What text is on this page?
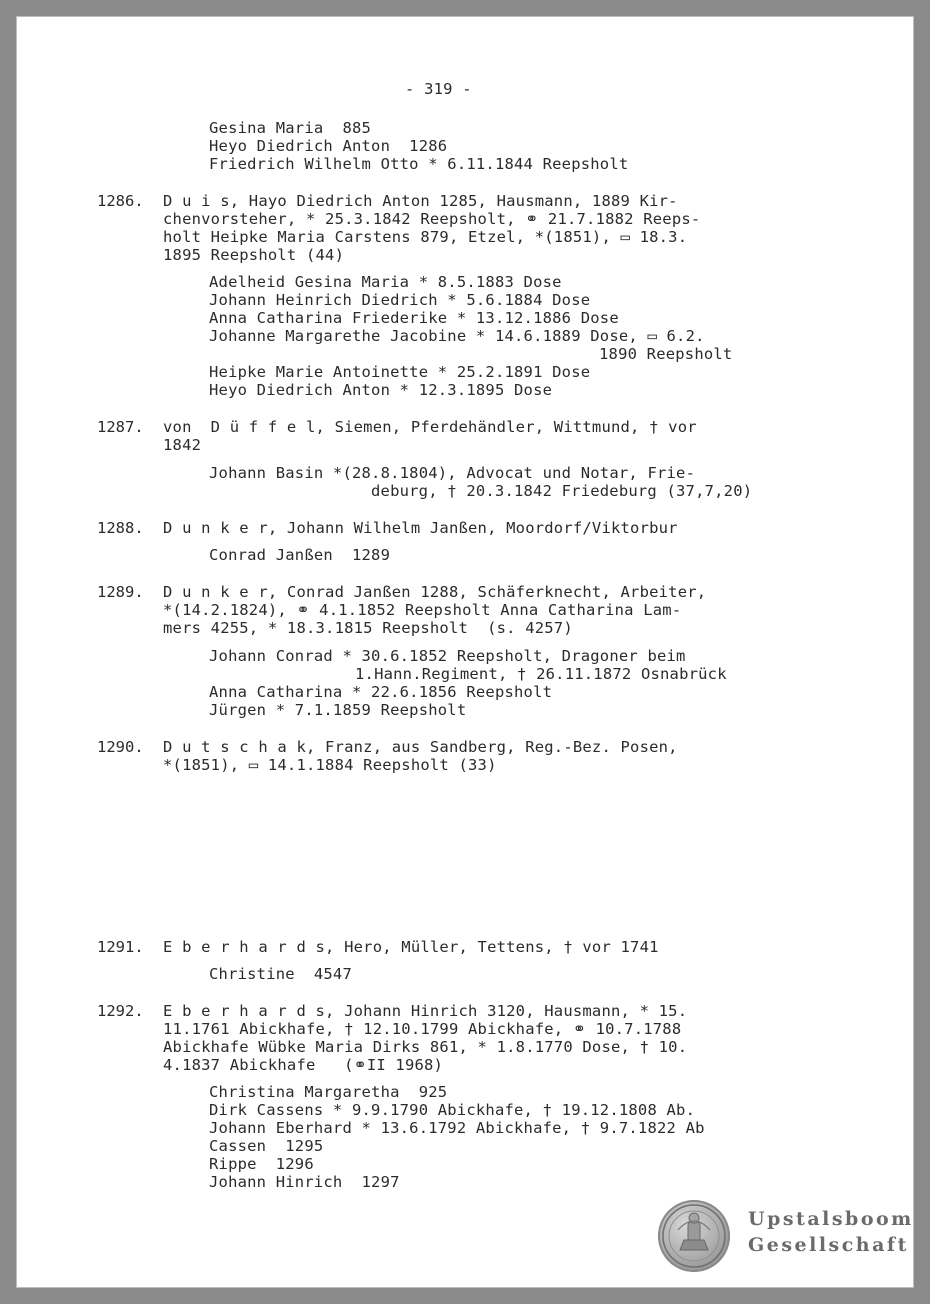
- 319 -
Gesina Maria  885
Heyo Diedrich Anton  1286
Friedrich Wilhelm Otto * 6.11.1844 Reepsholt
1286. D u i s, Hayo Diedrich Anton 1285, Hausmann, 1889 Kir-
chenvorsteher, * 25.3.1842 Reepsholt, ⚭ 21.7.1882 Reeps-
holt Heipke Maria Carstens 879, Etzel, *(1851), ▭ 18.3.
1895 Reepsholt (44)
Adelheid Gesina Maria * 8.5.1883 Dose
Johann Heinrich Diedrich * 5.6.1884 Dose
Anna Catharina Friederike * 13.12.1886 Dose
Johanne Margarethe Jacobine * 14.6.1889 Dose, ▭ 6.2.
1890 Reepsholt
Heipke Marie Antoinette * 25.2.1891 Dose
Heyo Diedrich Anton * 12.3.1895 Dose
1287. von  D ü f f e l, Siemen, Pferdehändler, Wittmund, † vor
1842
Johann Basin *(28.8.1804), Advocat und Notar, Frie-
deburg, † 20.3.1842 Friedeburg (37,7,20)
1288. D u n k e r, Johann Wilhelm Janßen, Moordorf/Viktorbur
Conrad Janßen  1289
1289. D u n k e r, Conrad Janßen 1288, Schäferknecht, Arbeiter,
*(14.2.1824), ⚭ 4.1.1852 Reepsholt Anna Catharina Lam-
mers 4255, * 18.3.1815 Reepsholt  (s. 4257)
Johann Conrad * 30.6.1852 Reepsholt, Dragoner beim
1.Hann.Regiment, † 26.11.1872 Osnabrück
Anna Catharina * 22.6.1856 Reepsholt
Jürgen * 7.1.1859 Reepsholt
1290. D u t s c h a k, Franz, aus Sandberg, Reg.-Bez. Posen,
*(1851), ▭ 14.1.1884 Reepsholt (33)
1291. E b e r h a r d s, Hero, Müller, Tettens, † vor 1741
Christine  4547
1292. E b e r h a r d s, Johann Hinrich 3120, Hausmann, * 15.
11.1761 Abickhafe, † 12.10.1799 Abickhafe, ⚭ 10.7.1788
Abickhafe Wübke Maria Dirks 861, * 1.8.1770 Dose, † 10.
4.1837 Abickhafe   (⚭II 1968)
Christina Margaretha  925
Dirk Cassens * 9.9.1790 Abickhafe, † 19.12.1808 Ab.
Johann Eberhard * 13.6.1792 Abickhafe, † 9.7.1822 Ab
Cassen  1295
Rippe  1296
Johann Hinrich  1297
Upstalsboom
Gesellschaft
